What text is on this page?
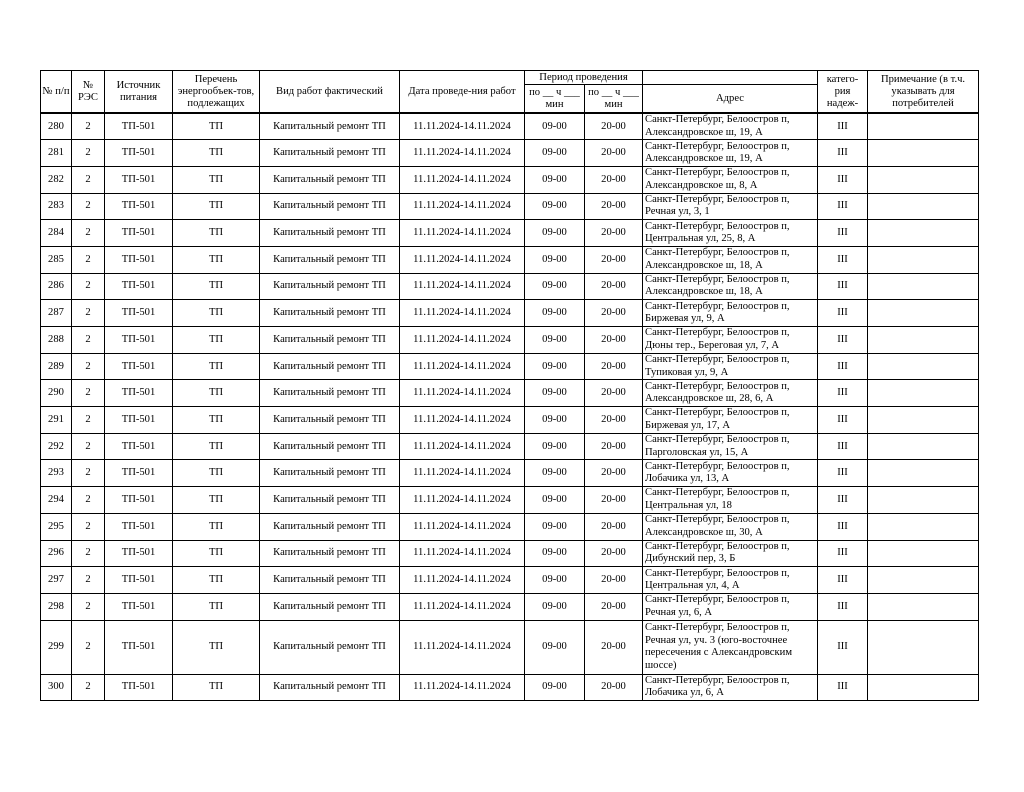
№ п/п	№ РЭС	Источник питания	Перечень энергообъек-тов, подлежащих	Вид работ фактический	Дата проведе-ния работ	Период проведения			катего-рия надеж-	Примечание (в т.ч. указывать для потребителей
						по __ ч ___ мин	по __ ч ___ мин	Адрес		
280	2	ТП-501	ТП	Капитальный ремонт ТП	11.11.2024-14.11.2024	09-00	20-00	Санкт-Петербург, Белоостров п, Александровское ш, 19, А	III	
281	2	ТП-501	ТП	Капитальный ремонт ТП	11.11.2024-14.11.2024	09-00	20-00	Санкт-Петербург, Белоостров п, Александровское ш, 19, А	III	
282	2	ТП-501	ТП	Капитальный ремонт ТП	11.11.2024-14.11.2024	09-00	20-00	Санкт-Петербург, Белоостров п, Александровское ш, 8, А	III	
283	2	ТП-501	ТП	Капитальный ремонт ТП	11.11.2024-14.11.2024	09-00	20-00	Санкт-Петербург, Белоостров п, Речная ул, 3, 1	III	
284	2	ТП-501	ТП	Капитальный ремонт ТП	11.11.2024-14.11.2024	09-00	20-00	Санкт-Петербург, Белоостров п, Центральная ул, 25, 8, А	III	
285	2	ТП-501	ТП	Капитальный ремонт ТП	11.11.2024-14.11.2024	09-00	20-00	Санкт-Петербург, Белоостров п, Александровское ш, 18, А	III	
286	2	ТП-501	ТП	Капитальный ремонт ТП	11.11.2024-14.11.2024	09-00	20-00	Санкт-Петербург, Белоостров п, Александровское ш, 18, А	III	
287	2	ТП-501	ТП	Капитальный ремонт ТП	11.11.2024-14.11.2024	09-00	20-00	Санкт-Петербург, Белоостров п, Биржевая ул, 9, А	III	
288	2	ТП-501	ТП	Капитальный ремонт ТП	11.11.2024-14.11.2024	09-00	20-00	Санкт-Петербург, Белоостров п, Дюны тер., Береговая ул, 7, А	III	
289	2	ТП-501	ТП	Капитальный ремонт ТП	11.11.2024-14.11.2024	09-00	20-00	Санкт-Петербург, Белоостров п, Тупиковая ул, 9, А	III	
290	2	ТП-501	ТП	Капитальный ремонт ТП	11.11.2024-14.11.2024	09-00	20-00	Санкт-Петербург, Белоостров п, Александровское ш, 28, 6, А	III	
291	2	ТП-501	ТП	Капитальный ремонт ТП	11.11.2024-14.11.2024	09-00	20-00	Санкт-Петербург, Белоостров п, Биржевая ул, 17, А	III	
292	2	ТП-501	ТП	Капитальный ремонт ТП	11.11.2024-14.11.2024	09-00	20-00	Санкт-Петербург, Белоостров п, Парголовская ул, 15, А	III	
293	2	ТП-501	ТП	Капитальный ремонт ТП	11.11.2024-14.11.2024	09-00	20-00	Санкт-Петербург, Белоостров п, Лобачика ул, 13, А	III	
294	2	ТП-501	ТП	Капитальный ремонт ТП	11.11.2024-14.11.2024	09-00	20-00	Санкт-Петербург, Белоостров п, Центральная ул, 18	III	
295	2	ТП-501	ТП	Капитальный ремонт ТП	11.11.2024-14.11.2024	09-00	20-00	Санкт-Петербург, Белоостров п, Александровское ш, 30, А	III	
296	2	ТП-501	ТП	Капитальный ремонт ТП	11.11.2024-14.11.2024	09-00	20-00	Санкт-Петербург, Белоостров п, Дибунский пер, 3, Б	III	
297	2	ТП-501	ТП	Капитальный ремонт ТП	11.11.2024-14.11.2024	09-00	20-00	Санкт-Петербург, Белоостров п, Центральная ул, 4, А	III	
298	2	ТП-501	ТП	Капитальный ремонт ТП	11.11.2024-14.11.2024	09-00	20-00	Санкт-Петербург, Белоостров п, Речная ул, 6, А	III	
299	2	ТП-501	ТП	Капитальный ремонт ТП	11.11.2024-14.11.2024	09-00	20-00	Санкт-Петербург, Белоостров п, Речная ул, уч. 3 (юго-восточнее пересечения с Александровским шоссе)	III	
300	2	ТП-501	ТП	Капитальный ремонт ТП	11.11.2024-14.11.2024	09-00	20-00	Санкт-Петербург, Белоостров п, Лобачика ул, 6, А	III	
